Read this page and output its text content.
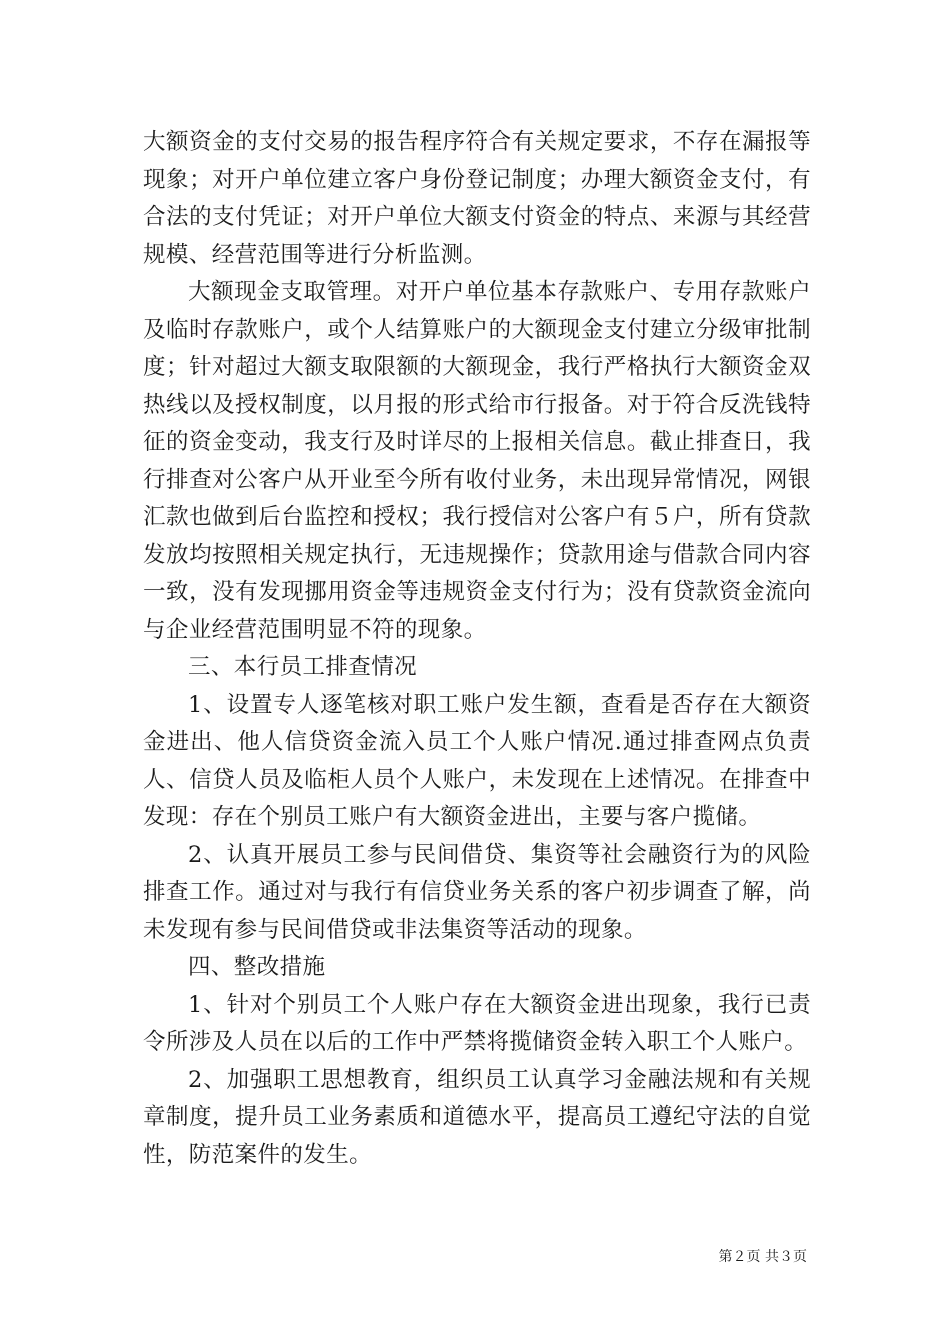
大额资金的支付交易的报告程序符合有关规定要求，不存在漏报等现象；对开户单位建立客户身份登记制度；办理大额资金支付，有合法的支付凭证；对开户单位大额支付资金的特点、来源与其经营规模、经营范围等进行分析监测。

大额现金支取管理。对开户单位基本存款账户、专用存款账户及临时存款账户，或个人结算账户的大额现金支付建立分级审批制度；针对超过大额支取限额的大额现金，我行严格执行大额资金双热线以及授权制度，以月报的形式给市行报备。对于符合反洗钱特征的资金变动，我支行及时详尽的上报相关信息。截止排查日，我行排查对公客户从开业至今所有收付业务，未出现异常情况，网银汇款也做到后台监控和授权；我行授信对公客户有５户，所有贷款发放均按照相关规定执行，无违规操作；贷款用途与借款合同内容一致，没有发现挪用资金等违规资金支付行为；没有贷款资金流向与企业经营范围明显不符的现象。

三、本行员工排查情况

1、设置专人逐笔核对职工账户发生额，查看是否存在大额资金进出、他人信贷资金流入员工个人账户情况.通过排查网点负责人、信贷人员及临柜人员个人账户，未发现在上述情况。在排查中发现：存在个别员工账户有大额资金进出，主要与客户揽储。

2、认真开展员工参与民间借贷、集资等社会融资行为的风险排查工作。通过对与我行有信贷业务关系的客户初步调查了解，尚未发现有参与民间借贷或非法集资等活动的现象。

四、整改措施

1、针对个别员工个人账户存在大额资金进出现象，我行已责令所涉及人员在以后的工作中严禁将揽储资金转入职工个人账户。

2、加强职工思想教育，组织员工认真学习金融法规和有关规章制度，提升员工业务素质和道德水平，提高员工遵纪守法的自觉性，防范案件的发生。

第２页 共３页
